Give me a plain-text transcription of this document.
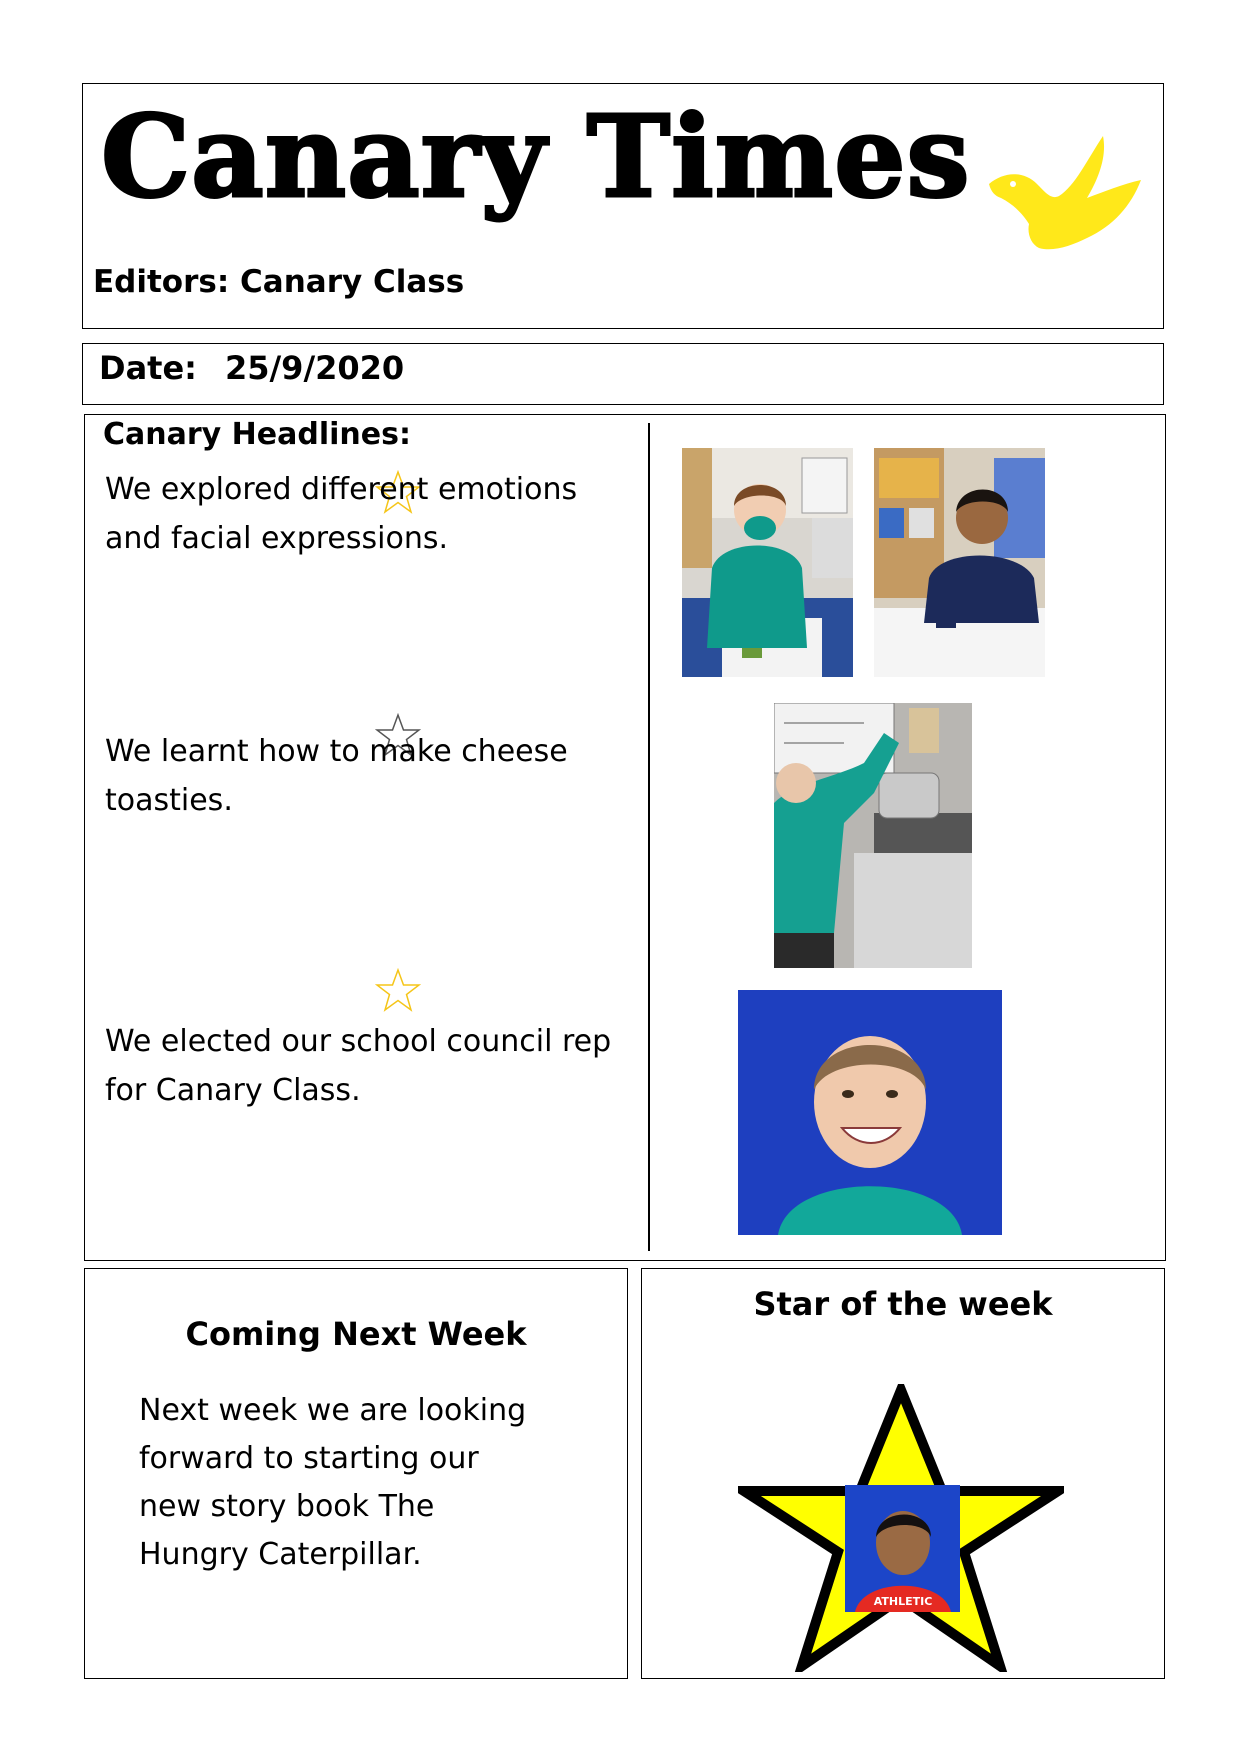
Canary Times
Editors: Canary Class
Date: 25/9/2020
Canary Headlines:
We explored different emotions and facial expressions.
We learnt how to make cheese toasties.
We elected our school council rep for Canary Class.
Coming Next Week
Next week we are looking forward to starting our new story book The Hungry Caterpillar.
Star of the week
ATHLETIC
